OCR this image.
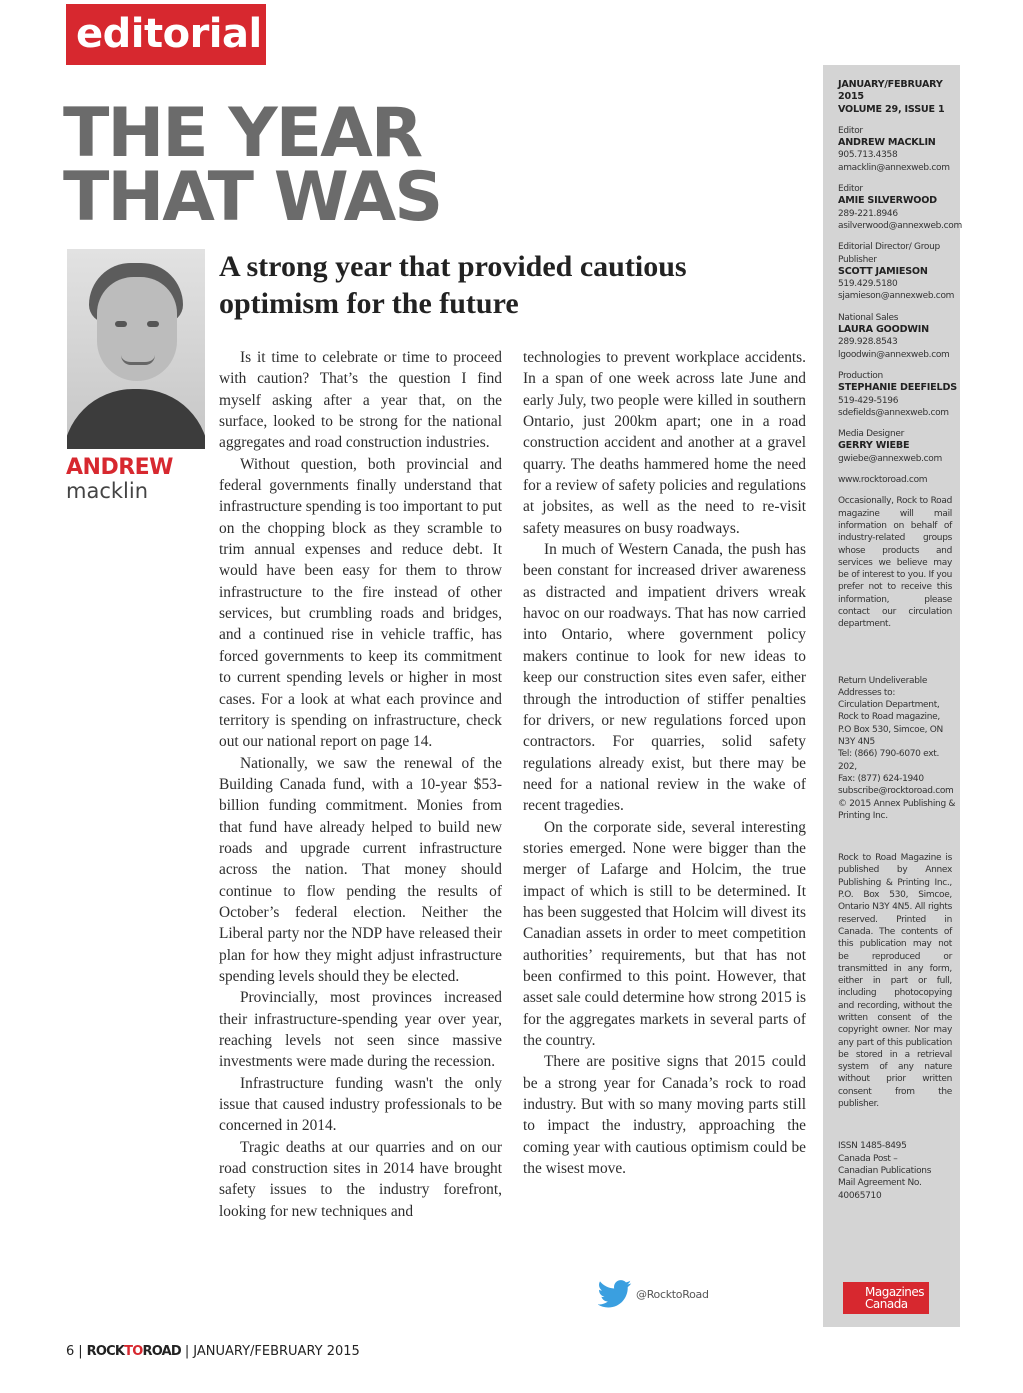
editorial
THE YEAR
THAT WAS
A strong year that provided cautious optimism for the future
ANDREW
macklin

Is it time to celebrate or time to proceed with caution? That’s the question I find myself asking after a year that, on the surface, looked to be strong for the national aggregates and road construction industries.

Without question, both provincial and federal governments finally understand that infrastructure spending is too important to put on the chopping block as they scramble to trim annual expenses and reduce debt. It would have been easy for them to throw infrastructure to the fire instead of other services, but crumbling roads and bridges, and a continued rise in vehicle traffic, has forced governments to keep its commitment to current spending levels or higher in most cases. For a look at what each province and territory is spending on infrastructure, check out our national report on page 14.

Nationally, we saw the renewal of the Building Canada fund, with a 10-year $53-billion funding commitment. Monies from that fund have already helped to build new roads and upgrade current infrastructure across the nation. That money should continue to flow pending the results of October’s federal election. Neither the Liberal party nor the NDP have released their plan for how they might adjust infrastructure spending levels should they be elected.

Provincially, most provinces increased their infrastructure-spending year over year, reaching levels not seen since massive investments were made during the recession.

Infrastructure funding wasn't the only issue that caused industry professionals to be concerned in 2014.

Tragic deaths at our quarries and on our road construction sites in 2014 have brought safety issues to the industry forefront, looking for new techniques and

technologies to prevent workplace accidents. In a span of one week across late June and early July, two people were killed in southern Ontario, just 200km apart; one in a road construction accident and another at a gravel quarry. The deaths hammered home the need for a review of safety policies and regulations at jobsites, as well as the need to re-visit safety measures on busy roadways.

In much of Western Canada, the push has been constant for increased driver awareness as distracted and impatient drivers wreak havoc on our roadways. That has now carried into Ontario, where government policy makers continue to look for new ideas to keep our construction sites even safer, either through the introduction of stiffer penalties for drivers, or new regulations forced upon contractors. For quarries, solid safety regulations already exist, but there may be need for a national review in the wake of recent tragedies.

On the corporate side, several interesting stories emerged. None were bigger than the merger of Lafarge and Holcim, the true impact of which is still to be determined. It has been suggested that Holcim will divest its Canadian assets in order to meet competition authorities’ requirements, but that has not been confirmed to this point. However, that asset sale could determine how strong 2015 is for the aggregates markets in several parts of the country.

There are positive signs that 2015 could be a strong year for Canada’s rock to road industry. But with so many moving parts still to impact the industry, approaching the coming year with cautious optimism could be the wisest move.

JANUARY/FEBRUARY 2015
VOLUME 29, ISSUE 1
Editor
ANDREW MACKLIN
905.713.4358
amacklin@annexweb.com
Editor
AMIE SILVERWOOD
289-221.8946
asilverwood@annexweb.com
Editorial Director/ Group Publisher
SCOTT JAMIESON
519.429.5180
sjamieson@annexweb.com
National Sales
LAURA GOODWIN
289.928.8543
lgoodwin@annexweb.com
Production
STEPHANIE DEEFIELDS
519-429-5196
sdefields@annexweb.com
Media Designer
GERRY WIEBE
gwiebe@annexweb.com
www.rocktoroad.com
Occasionally, Rock to Road magazine will mail information on behalf of industry-related groups whose products and services we believe may be of interest to you. If you prefer not to receive this information, please contact our circulation department.
Return Undeliverable
Addresses to:
Circulation Department,
Rock to Road magazine,
P.O Box 530, Simcoe, ON
N3Y 4N5
Tel: (866) 790-6070 ext. 202,
Fax: (877) 624-1940
subscribe@rocktoroad.com
© 2015 Annex Publishing &
Printing Inc.
Rock to Road Magazine is published by Annex Publishing & Printing Inc., P.O. Box 530, Simcoe, Ontario N3Y 4N5. All rights reserved. Printed in Canada. The contents of this publication may not be reproduced or transmitted in any form, either in part or full, including photocopying and recording, without the written consent of the copyright owner. Nor may any part of this publication be stored in a retrieval system of any nature without prior written consent from the publisher.
ISSN 1485-8495
Canada Post –
Canadian Publications
Mail Agreement No. 40065710
Magazines Canada
@RocktoRoad
6 | ROCKTOROAD | JANUARY/FEBRUARY 2015
